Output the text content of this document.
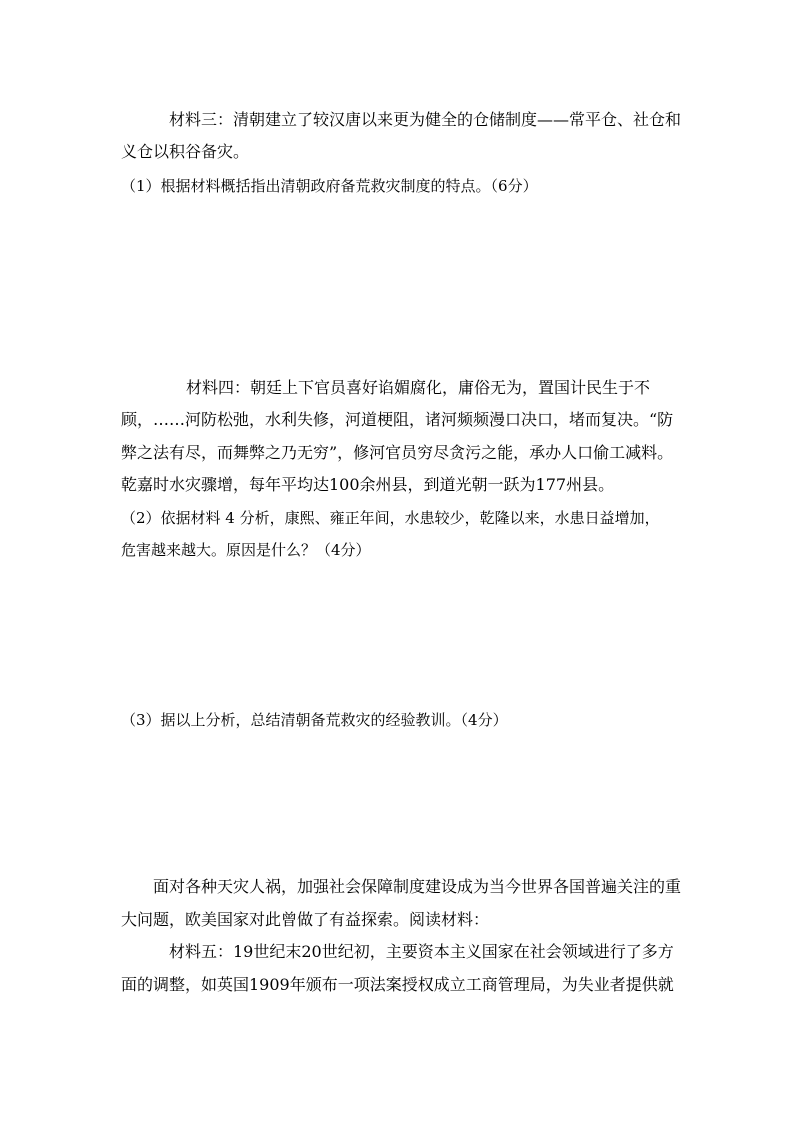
材料三：清朝建立了较汉唐以来更为健全的仓储制度——常平仓、社仓和
义仓以积谷备灾。
（1）根据材料概括指出清朝政府备荒救灾制度的特点。（6分）
材料四：朝廷上下官员喜好谄媚腐化，庸俗无为，置国计民生于不
顾，……河防松弛，水利失修，河道梗阻，诸河频频漫口决口，堵而复决。“防
弊之法有尽，而舞弊之乃无穷”，修河官员穷尽贪污之能，承办人口偷工减料。
乾嘉时水灾骤增，每年平均达100余州县，到道光朝一跃为177州县。
（2）依据材料 4 分析，康熙、雍正年间，水患较少，乾隆以来，水患日益增加，
危害越来越大。原因是什么？（4分）
（3）据以上分析，总结清朝备荒救灾的经验教训。（4分）
面对各种天灾人祸，加强社会保障制度建设成为当今世界各国普遍关注的重
大问题，欧美国家对此曾做了有益探索。阅读材料：
材料五：19世纪末20世纪初，主要资本主义国家在社会领域进行了多方
面的调整，如英国1909年颁布一项法案授权成立工商管理局，为失业者提供就
